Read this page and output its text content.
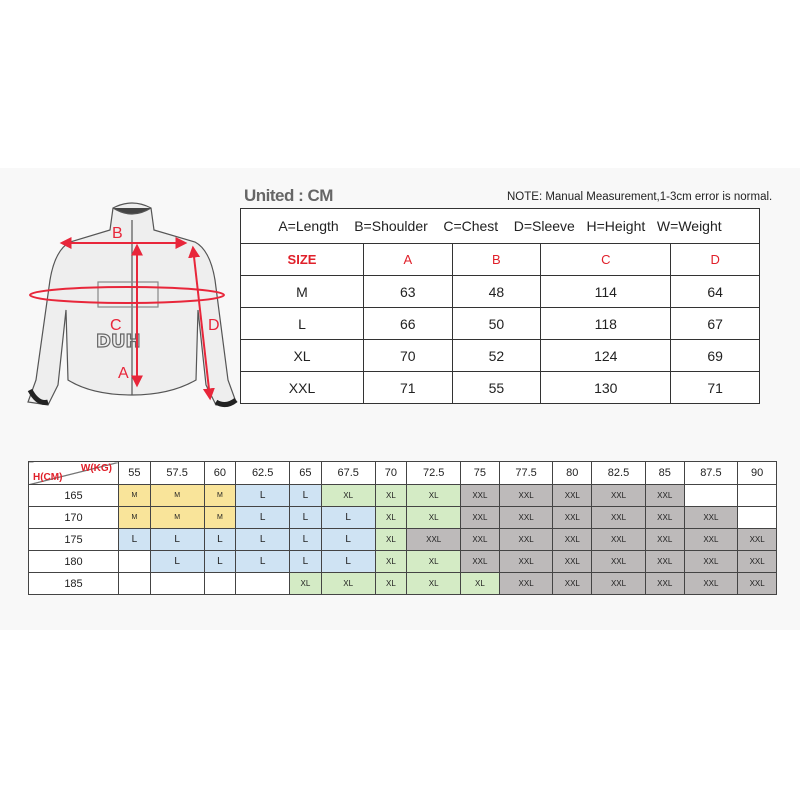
DUH
B
C
A
D
United : CM	NOTE: Manual Measurement,1-3cm error is normal.
A=Length    B=Shoulder    C=Chest    D=Sleeve   H=Height   W=Weight				
SIZE	A	B	C	D
M	63	48	114	64
L	66	50	118	67
XL	70	52	124	69
XXL	71	55	130	71
W(KG)
H(CM)	55	57.5	60	62.5	65	67.5	70	72.5	75	77.5	80	82.5	85	87.5	90
165	M	M	M	L	L	XL	XL	XL	XXL	XXL	XXL	XXL	XXL		
170	M	M	M	L	L	L	XL	XL	XXL	XXL	XXL	XXL	XXL	XXL	
175	L	L	L	L	L	L	XL	XXL	XXL	XXL	XXL	XXL	XXL	XXL	XXL
180		L	L	L	L	L	XL	XL	XXL	XXL	XXL	XXL	XXL	XXL	XXL
185					XL	XL	XL	XL	XL	XXL	XXL	XXL	XXL	XXL	XXL
